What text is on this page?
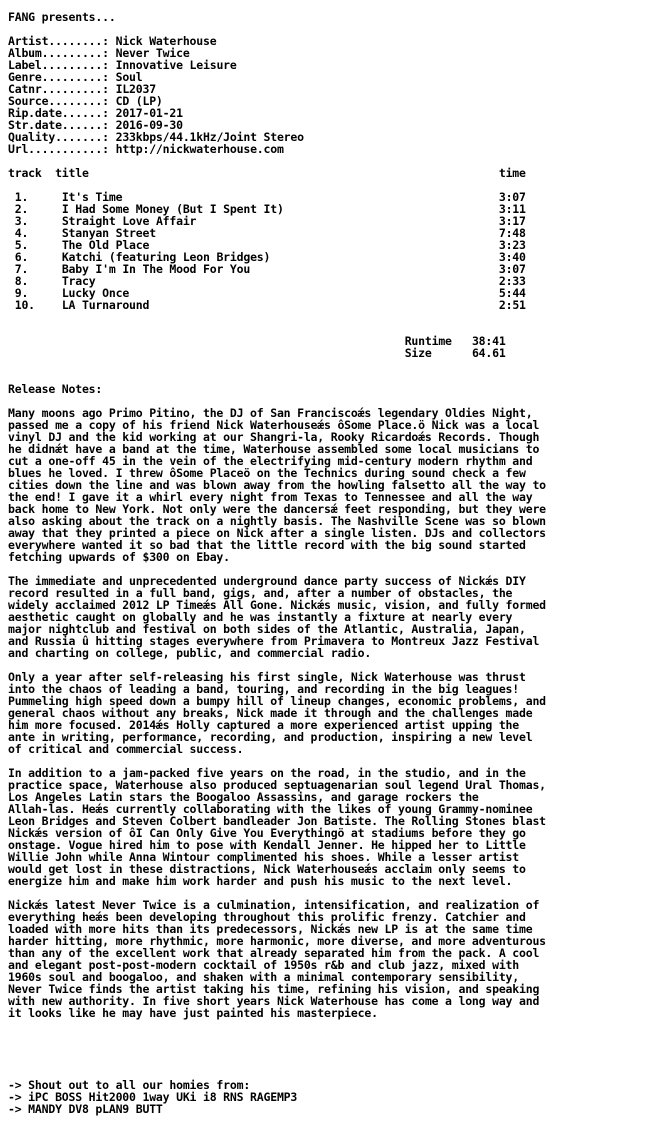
FANG presents...

Artist........: Nick Waterhouse
Album.........: Never Twice
Label.........: Innovative Leisure
Genre.........: Soul
Catnr.........: IL2037
Source........: CD (LP)
Rip.date......: 2017-01-21
Str.date......: 2016-09-30
Quality.......: 233kbps/44.1kHz/Joint Stereo
Url...........: http://nickwaterhouse.com

track title	time

1.	It's Time	3:07
2.	I Had Some Money (But I Spent It)	3:11
3.	Straight Love Affair	3:17
4.	Stanyan Street	7:48
5.	The Old Place	3:23
6.	Katchi (featuring Leon Bridges)	3:40
7.	Baby I'm In The Mood For You	3:07
8.	Tracy	2:33
9.	Lucky Once	5:44
10. LA Turnaround	2:51

Runtime 38:41
Size	64.61

Release Notes:

Many moons ago Primo Pitino, the DJ of San Franciscoǽs legendary Oldies Night,
passed me a copy of his friend Nick Waterhouseǽs ôSome Place.ö Nick was a local
vinyl DJ and the kid working at our Shangri-la, Rooky Ricardoǽs Records. Though
he didnǽt have a band at the time, Waterhouse assembled some local musicians to
cut a one-off 45 in the vein of the electrifying mid-century modern rhythm and
blues he loved. I threw ôSome Placeö on the Technics during sound check a few
cities down the line and was blown away from the howling falsetto all the way to
the end! I gave it a whirl every night from Texas to Tennessee and all the way
back home to New York. Not only were the dancersǽ feet responding, but they were
also asking about the track on a nightly basis. The Nashville Scene was so blown
away that they printed a piece on Nick after a single listen. DJs and collectors
everywhere wanted it so bad that the little record with the big sound started
fetching upwards of $300 on Ebay.

The immediate and unprecedented underground dance party success of Nickǽs DIY
record resulted in a full band, gigs, and, after a number of obstacles, the
widely acclaimed 2012 LP Timeǽs All Gone. Nickǽs music, vision, and fully formed
aesthetic caught on globally and he was instantly a fixture at nearly every
major nightclub and festival on both sides of the Atlantic, Australia, Japan,
and Russia û hitting stages everywhere from Primavera to Montreux Jazz Festival
and charting on college, public, and commercial radio.

Only a year after self-releasing his first single, Nick Waterhouse was thrust
into the chaos of leading a band, touring, and recording in the big leagues!
Pummeling high speed down a bumpy hill of lineup changes, economic problems, and
general chaos without any breaks, Nick made it through and the challenges made
him more focused. 2014ǽs Holly captured a more experienced artist upping the
ante in writing, performance, recording, and production, inspiring a new level
of critical and commercial success.

In addition to a jam-packed five years on the road, in the studio, and in the
practice space, Waterhouse also produced septuagenarian soul legend Ural Thomas,
Los Angeles Latin stars the Boogaloo Assassins, and garage rockers the
Allah-las. Heǽs currently collaborating with the likes of young Grammy-nominee
Leon Bridges and Steven Colbert bandleader Jon Batiste. The Rolling Stones blast
Nickǽs version of ôI Can Only Give You Everythingö at stadiums before they go
onstage. Vogue hired him to pose with Kendall Jenner. He hipped her to Little
Willie John while Anna Wintour complimented his shoes. While a lesser artist
would get lost in these distractions, Nick Waterhouseǽs acclaim only seems to
energize him and make him work harder and push his music to the next level.

Nickǽs latest Never Twice is a culmination, intensification, and realization of
everything heǽs been developing throughout this prolific frenzy. Catchier and
loaded with more hits than its predecessors, Nickǽs new LP is at the same time
harder hitting, more rhythmic, more harmonic, more diverse, and more adventurous
than any of the excellent work that already separated him from the pack. A cool
and elegant post-post-modern cocktail of 1950s r&b and club jazz, mixed with
1960s soul and boogaloo, and shaken with a minimal contemporary sensibility,
Never Twice finds the artist taking his time, refining his vision, and speaking
with new authority. In five short years Nick Waterhouse has come a long way and
it looks like he may have just painted his masterpiece.

-> Shout out to all our homies from:
-> iPC BOSS Hit2000 1way UKi i8 RNS RAGEMP3
-> MANDY DV8 pLAN9 BUTT
